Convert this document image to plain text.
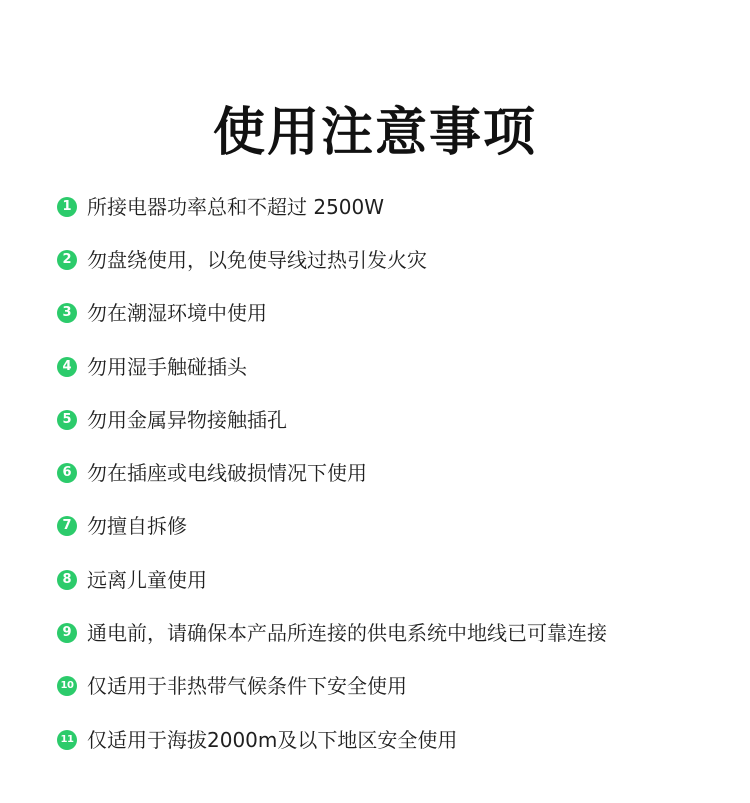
使用注意事项
1 所接电器功率总和不超过 2500W
2 勿盘绕使用，以免使导线过热引发火灾
3 勿在潮湿环境中使用
4 勿用湿手触碰插头
5 勿用金属异物接触插孔
6 勿在插座或电线破损情况下使用
7 勿擅自拆修
8 远离儿童使用
9 通电前，请确保本产品所连接的供电系统中地线已可靠连接
10 仅适用于非热带气候条件下安全使用
11 仅适用于海拔2000m及以下地区安全使用
